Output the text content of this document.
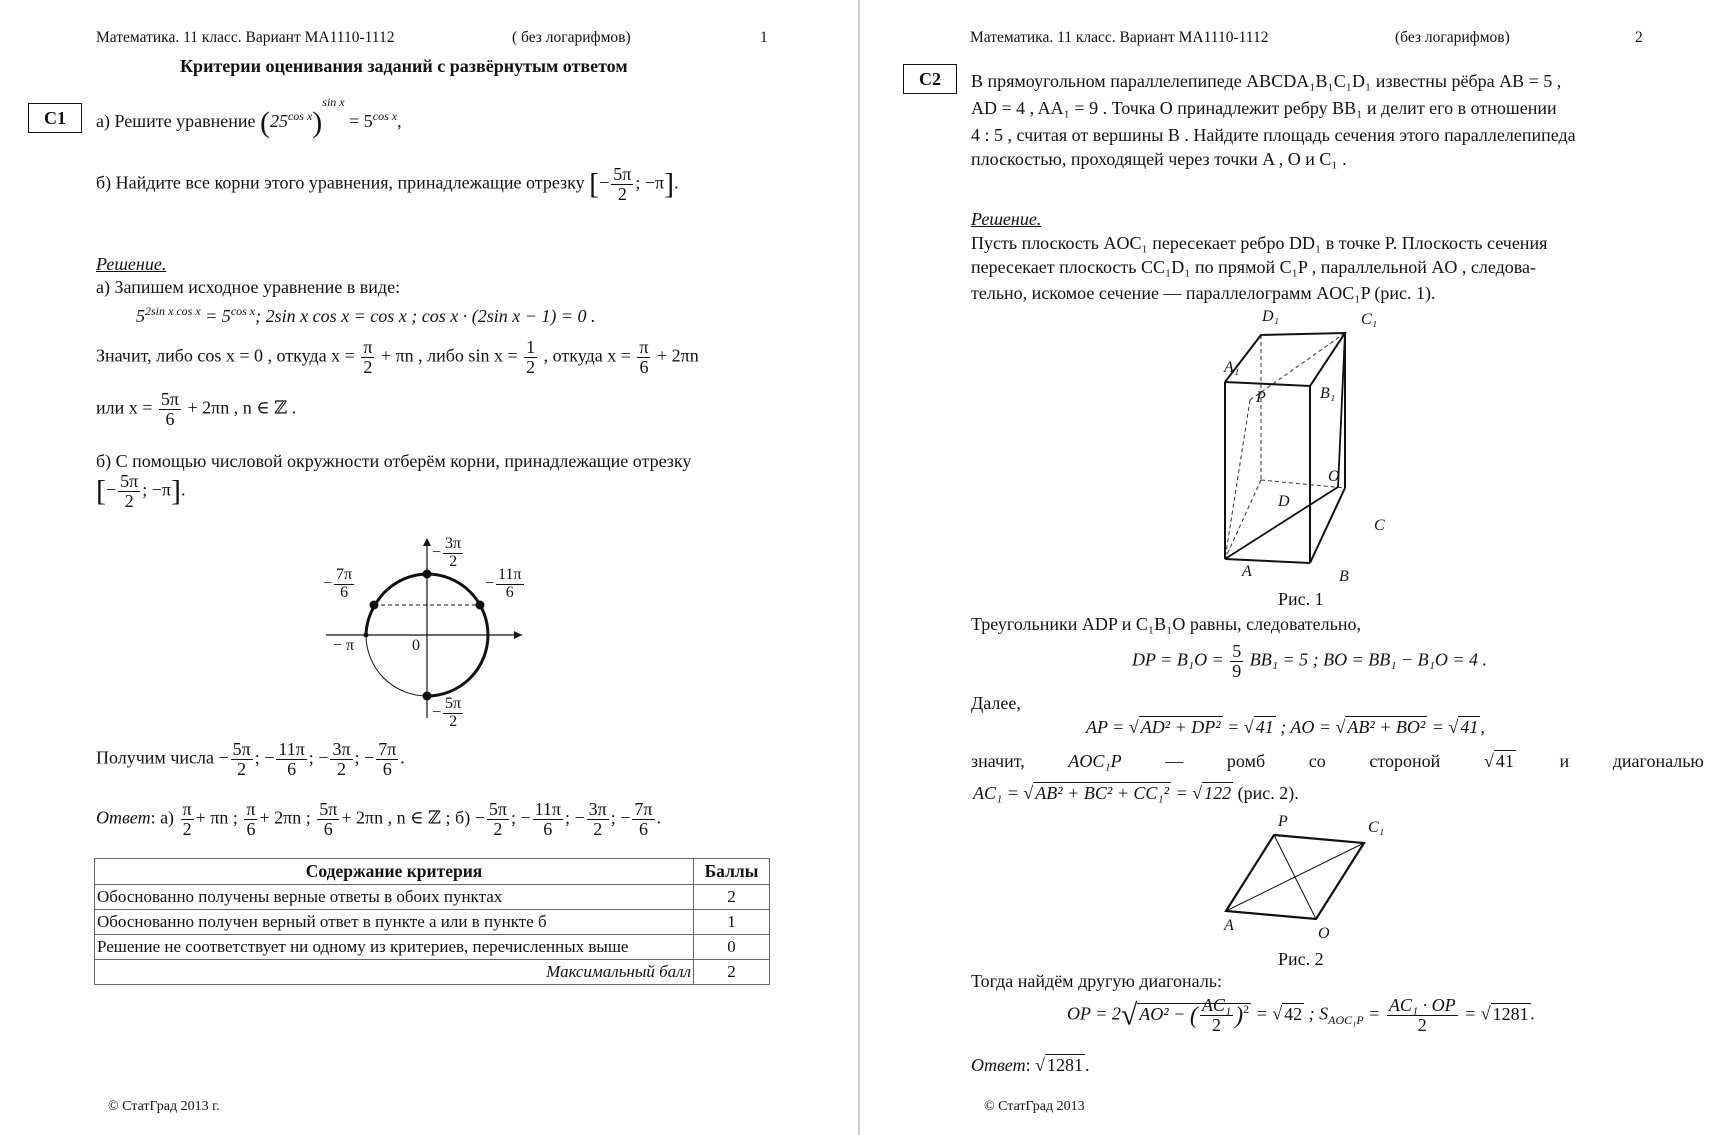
Математика. 11 класс. Вариант МА1110-1112	( без логарифмов)	1
Критерии оценивания заданий с развёрнутым ответом
С1	а) Решите уравнение $(25^{cos x})^{sin x} = 5^{cos x}$,
б) Найдите все корни этого уравнения, принадлежащие отрезку [− $\frac{5\pi}{2}$ ; −π].
Решение.
а) Запишем исходное уравнение в виде:
$5^{2sin x cos x} = 5^{cos x}$; 2sin x cos x = cos x ; cos x · (2sin x − 1) = 0 .
Значит, либо cos x = 0 , откуда $x = \frac{\pi}{2} + \pi n$ , либо $\sin x = \frac{1}{2}$ , откуда $x = \frac{\pi}{6} + 2\pi n$
или $x = \frac{5\pi}{6} + 2\pi n$ , n ∈ ℤ .
б) С помощью числовой окружности отберём корни, принадлежащие отрезку
[− $\frac{5\pi}{2}$ ; −π].
− $\frac{3\pi}{2}$
− $\frac{7\pi}{6}$	− $\frac{11\pi}{6}$
− π	0
− $\frac{5\pi}{2}$
Получим числа − $\frac{5\pi}{2}$ ; − $\frac{11\pi}{6}$ ; − $\frac{3\pi}{2}$ ; − $\frac{7\pi}{6}$ .
Ответ: $а) \frac{\pi}{2} + \pi n$ ; $\frac{\pi}{6} + 2\pi n$ ; $\frac{5\pi}{6} + 2\pi n$ , n ∈ ℤ ; $б) - \frac{5\pi}{2}$ ; − $\frac{11\pi}{6}$ ; − $\frac{3\pi}{2}$ ; − $\frac{7\pi}{6}$ .
Содержание критерия	Баллы
Обоснованно получены верные ответы в обоих пунктах	2
Обоснованно получен верный ответ в пункте а или в пункте б	1
Решение не соответствует ни одному из критериев, перечисленных выше	0
Максимальный балл	2
© СтатГрад 2013 г.
Математика. 11 класс. Вариант МА1110-1112	(без логарифмов)	2
С2	В прямоугольном параллелепипеде ABCDA₁B₁C₁D₁ известны рёбра AB = 5 ,
AD = 4 , AA₁ = 9 . Точка O принадлежит ребру BB₁ и делит его в отношении
4 : 5 , считая от вершины B . Найдите площадь сечения этого параллелепипеда
плоскостью, проходящей через точки A , O и C₁ .
Решение.
Пусть плоскость AOC₁ пересекает ребро DD₁ в точке P. Плоскость сечения
пересекает плоскость CC₁D₁ по прямой C₁P , параллельной AO , следова-
тельно, искомое сечение — параллелограмм AOC₁P (рис. 1).
D₁	C₁
A₁
B₁
P
O
D
C
A	B
Рис. 1
Треугольники ADP и C₁B₁O равны, следовательно,
DP = $B_1O = \frac{5}{9} BB_1 = 5$ ; BO = BB₁ − B₁O = 4 .
Далее,
AP = √ AD² + DP² = √ 41 ; AO = √ AB² + BO² = √ 41 ,
значит, AOC₁P — ромб со стороной √ 41	и диагональю
AC₁ = √ AB² + BC² + CC₁² = √ 122 (рис. 2).
P	C₁
A	O
Рис. 2
Тогда найдём другую диагональ:
OP = 2√ AO² − ( $\frac{\text{AC₁}}{2} )^2$ = √ 42 ; $S_{AOC_1P} = \frac{\text{AC₁ · OP}}{2}$ = √ 1281 .
Ответ: √ 1281 .
© СтатГрад 2013
